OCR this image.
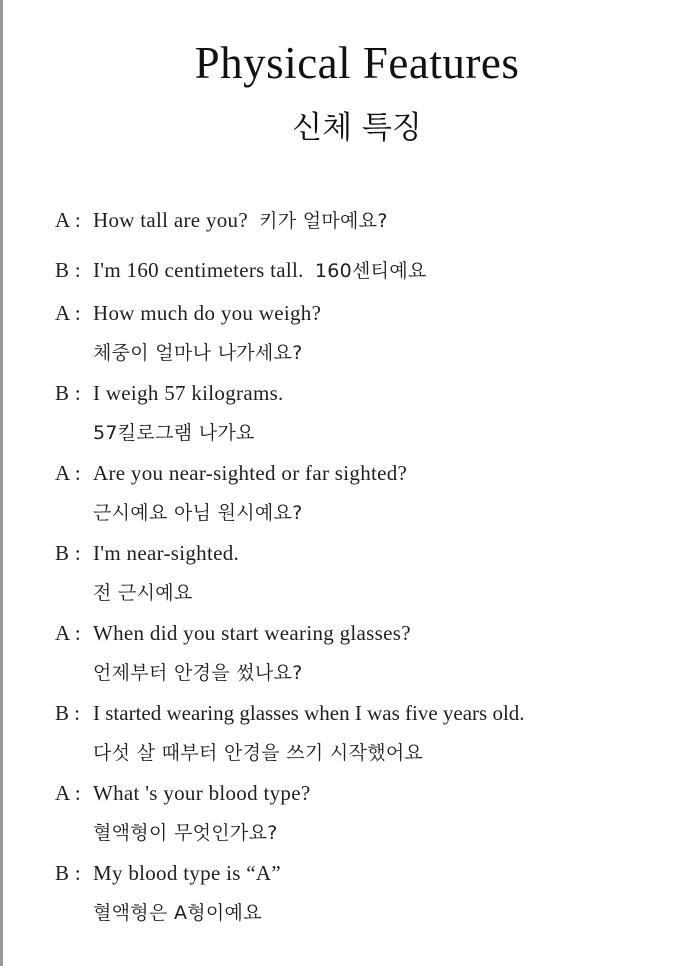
Physical Features
신체 특징
A : How tall are you? 키가 얼마예요?
B : I'm 160 centimeters tall. 160센티예요
A : How much do you weigh?
체중이 얼마나 나가세요?
B : I weigh 57 kilograms.
57킬로그램 나가요
A : Are you near-sighted or far sighted?
근시예요 아님 원시예요?
B : I'm near-sighted.
전 근시예요
A : When did you start wearing glasses?
언제부터 안경을 썼나요?
B : I started wearing glasses when I was five years old.
다섯 살 때부터 안경을 쓰기 시작했어요
A : What 's your blood type?
혈액형이 무엇인가요?
B : My blood type is “A”
혈액형은 A형이예요
